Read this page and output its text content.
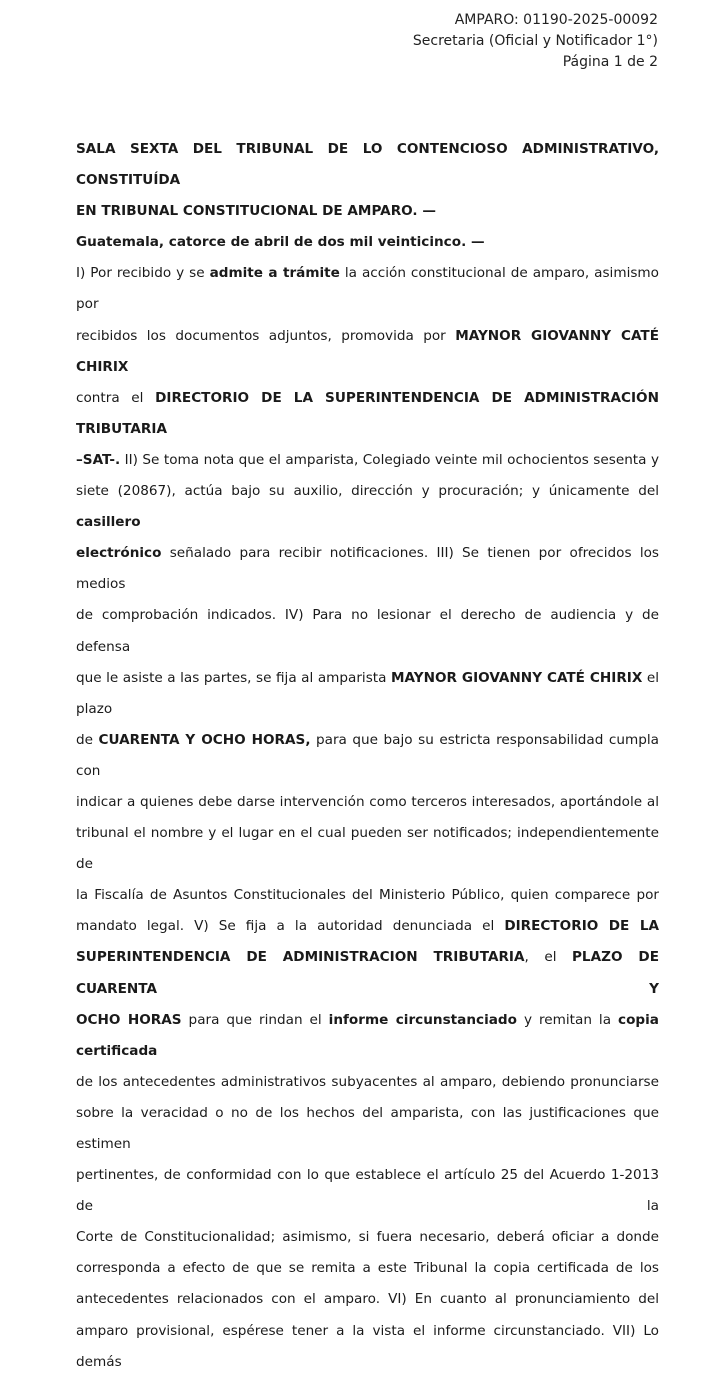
AMPARO: 01190-2025-00092
Secretaria (Oficial y Notificador 1°)
Página 1 de 2

SALA SEXTA DEL TRIBUNAL DE LO CONTENCIOSO ADMINISTRATIVO, CONSTITUÍDA

EN TRIBUNAL CONSTITUCIONAL DE AMPARO. —

Guatemala, catorce de abril de dos mil veinticinco. —

I) Por recibido y se admite a trámite la acción constitucional de amparo, asimismo por

recibidos los documentos adjuntos, promovida por MAYNOR GIOVANNY CATÉ CHIRIX

contra el DIRECTORIO DE LA SUPERINTENDENCIA DE ADMINISTRACIÓN TRIBUTARIA

–SAT-. II) Se toma nota que el amparista, Colegiado veinte mil ochocientos sesenta y

siete (20867), actúa bajo su auxilio, dirección y procuración; y únicamente del casillero

electrónico señalado para recibir notificaciones. III) Se tienen por ofrecidos los medios

de comprobación indicados. IV) Para no lesionar el derecho de audiencia y de defensa

que le asiste a las partes, se fija al amparista MAYNOR GIOVANNY CATÉ CHIRIX el plazo

de CUARENTA Y OCHO HORAS, para que bajo su estricta responsabilidad cumpla con

indicar a quienes debe darse intervención como terceros interesados, aportándole al

tribunal el nombre y el lugar en el cual pueden ser notificados; independientemente de

la Fiscalía de Asuntos Constitucionales del Ministerio Público, quien comparece por

mandato legal. V) Se fija a la autoridad denunciada el DIRECTORIO DE LA

SUPERINTENDENCIA DE ADMINISTRACION TRIBUTARIA, el PLAZO DE CUARENTA Y

OCHO HORAS para que rindan el informe circunstanciado y remitan la copia certificada

de los antecedentes administrativos subyacentes al amparo, debiendo pronunciarse

sobre la veracidad o no de los hechos del amparista, con las justificaciones que estimen

pertinentes, de conformidad con lo que establece el artículo 25 del Acuerdo 1-2013 de la

Corte de Constitucionalidad; asimismo, si fuera necesario, deberá oficiar a donde

corresponda a efecto de que se remita a este Tribunal la copia certificada de los

antecedentes relacionados con el amparo. VI) En cuanto al pronunciamiento del

amparo provisional, espérese tener a la vista el informe circunstanciado. VII) Lo demás
